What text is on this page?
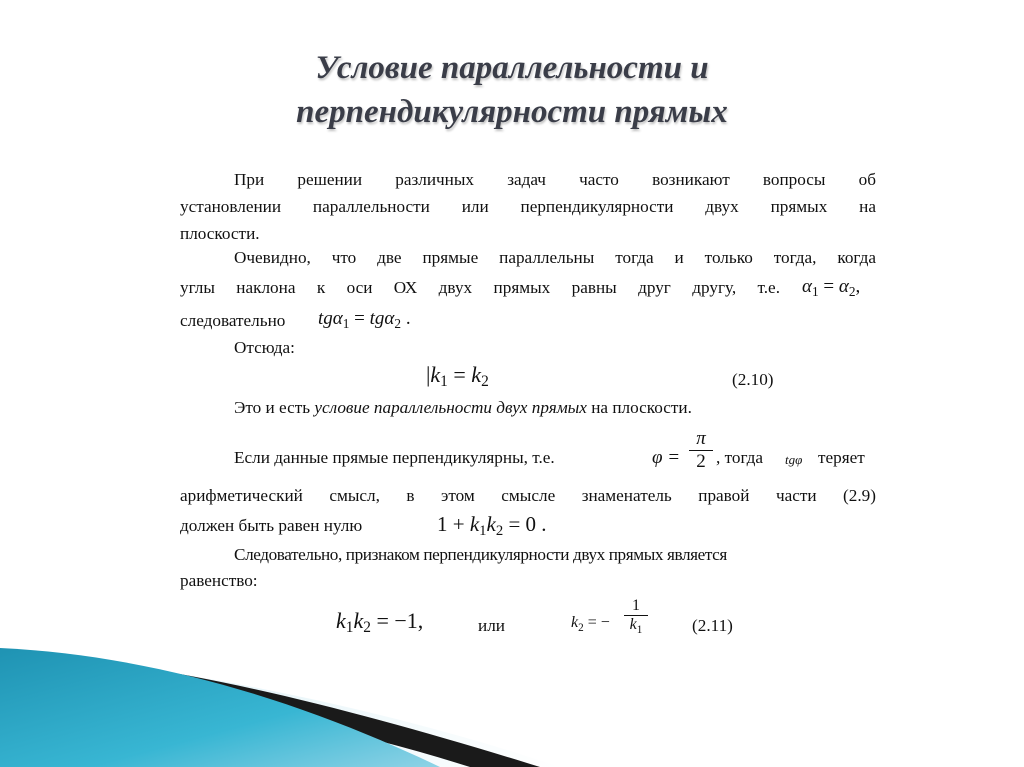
Условие параллельности и
перпендикулярности прямых
При решении различных задач часто возникают вопросы об
установлении параллельности или перпендикулярности двух прямых на
плоскости.
Очевидно, что две прямые параллельны тогда и только тогда, когда
углы наклона к оси ОХ двух прямых равны друг другу, т.е. $\alpha_1 = \alpha_2$,
следовательно	tgα$_1$ = tgα$_2$ .
Отсюда:
$|k_1 = k_2$	(2.10)
Это и есть условие параллельности двух прямых на плоскости.
Если данные прямые перпендикулярны, т.е.	$\varphi = \frac{\pi}{2}$ , тогда tgφ теряет
арифметический смысл, в этом смысле знаменатель правой части (2.9)
должен быть равен нулю	$1 + k_1k_2 = 0$ .
Следовательно, признаком перпендикулярности двух прямых является
равенство:
$k_1k_2 = -1$,	или	$k_2$ = − $\frac{1}{k_1}$	(2.11)
